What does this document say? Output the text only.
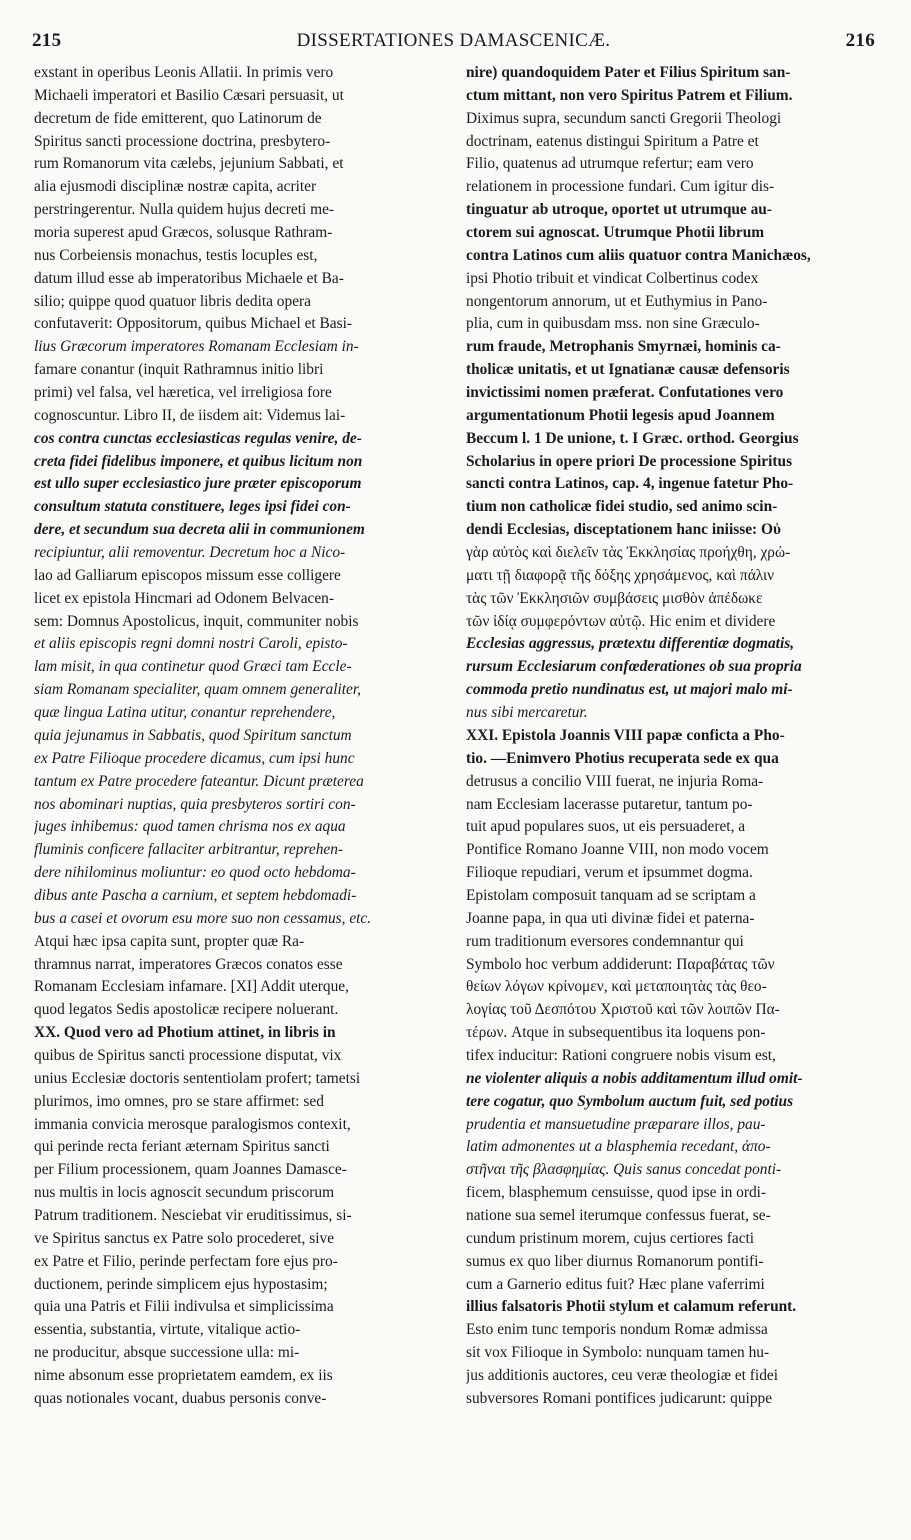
215	DISSERTATIONES DAMASCENICÆ.	216
exstant in operibus Leonis Allatii. In primis vero
Michaeli imperatori et Basilio Cæsari persuasit, ut
decretum de fide emitterent, quo Latinorum de
Spiritus sancti processione doctrina, presbytero-
rum Romanorum vita cælebs, jejunium Sabbati, et
alia ejusmodi disciplinæ nostræ capita, acriter
perstringerentur. Nulla quidem hujus decreti me-
moria superest apud Græcos, solusque Rathram-
nus Corbeiensis monachus, testis locuples est,
datum illud esse ab imperatoribus Michaele et Ba-
silio; quippe quod quatuor libris dedita opera
confutaverit: Oppositorum, quibus Michael et Basi-
lius Græcorum imperatores Romanam Ecclesiam in-
famare conantur (inquit Rathramnus initio libri
primi) vel falsa, vel hæretica, vel irreligiosa fore
cognoscuntur. Libro II, de iisdem ait: Videmus lai-
cos contra cunctas ecclesiasticas regulas venire, de-
creta fidei fidelibus imponere, et quibus licitum non
est ullo super ecclesiastico jure præter episcoporum
consultum statuta constituere, leges ipsi fidei con-
dere, et secundum sua decreta alii in communionem
recipiuntur, alii removentur. Decretum hoc a Nico-
lao ad Galliarum episcopos missum esse colligere
licet ex epistola Hincmari ad Odonem Belvacen-
sem: Domnus Apostolicus, inquit, communiter nobis
et aliis episcopis regni domni nostri Caroli, episto-
lam misit, in qua continetur quod Græci tam Eccle-
siam Romanam specialiter, quam omnem generaliter,
quæ lingua Latina utitur, conantur reprehendere,
quia jejunamus in Sabbatis, quod Spiritum sanctum
ex Patre Filioque procedere dicamus, cum ipsi hunc
tantum ex Patre procedere fateantur. Dicunt præterea
nos abominari nuptias, quia presbyteros sortiri con-
juges inhibemus: quod tamen chrisma nos ex aqua
fluminis conficere fallaciter arbitrantur, reprehen-
dere nihilominus moliuntur: eo quod octo hebdoma-
dibus ante Pascha a carnium, et septem hebdomadi-
bus a casei et ovorum esu more suo non cessamus, etc.
Atqui hæc ipsa capita sunt, propter quæ Ra-
thramnus narrat, imperatores Græcos conatos esse
Romanam Ecclesiam infamare. [XI] Addit uterque,
quod legatos Sedis apostolicæ recipere noluerant.
XX. Quod vero ad Photium attinet, in libris in
quibus de Spiritus sancti processione disputat, vix
unius Ecclesiæ doctoris sententiolam profert; tametsi
plurimos, imo omnes, pro se stare affirmet: sed
immania convicia merosque paralogismos contexit,
qui perinde recta feriant æternam Spiritus sancti
per Filium processionem, quam Joannes Damasce-
nus multis in locis agnoscit secundum priscorum
Patrum traditionem. Nesciebat vir eruditissimus, si-
ve Spiritus sanctus ex Patre solo procederet, sive
ex Patre et Filio, perinde perfectam fore ejus pro-
ductionem, perinde simplicem ejus hypostasim;
quia una Patris et Filii indivulsa et simplicissima
essentia, substantia, virtute, vitalique actio-
ne producitur, absque successione ulla: mi-
nime absonum esse proprietatem eamdem, ex iis
quas notionales vocant, duabus personis conve-
nire) quandoquidem Pater et Filius Spiritum san-
ctum mittant, non vero Spiritus Patrem et Filium.
Diximus supra, secundum sancti Gregorii Theologi
doctrinam, eatenus distingui Spiritum a Patre et
Filio, quatenus ad utrumque refertur; eam vero
relationem in processione fundari. Cum igitur dis-
tinguatur ab utroque, oportet ut utrumque au-
ctorem sui agnoscat. Utrumque Photii librum
contra Latinos cum aliis quatuor contra Manichæos,
ipsi Photio tribuit et vindicat Colbertinus codex
nongentorum annorum, ut et Euthymius in Pano-
plia, cum in quibusdam mss. non sine Græculo-
rum fraude, Metrophanis Smyrnæi, hominis ca-
tholicæ unitatis, et ut Ignatianæ causæ defensoris
invictissimi nomen præferat. Confutationes vero
argumentationum Photii legesis apud Joannem
Beccum l. 1 De unione, t. I Græc. orthod. Georgius
Scholarius in opere priori De processione Spiritus
sancti contra Latinos, cap. 4, ingenue fatetur Pho-
tium non catholicæ fidei studio, sed animo scin-
dendi Ecclesias, disceptationem hanc iniisse: Οὐ
γὰρ αὐτὸς καὶ διελεῖν τὰς Ἐκκλησίας προήχθη, χρώ-
ματι τῇ διαφορᾷ τῆς δόξης χρησάμενος, καὶ πάλιν
τὰς τῶν Ἐκκλησιῶν συμβάσεις μισθὸν ἀπέδωκε
τῶν ἰδίᾳ συμφερόντων αὐτῷ. Hic enim et dividere
Ecclesias aggressus, prætextu differentiæ dogmatis,
rursum Ecclesiarum confœderationes ob sua propria
commoda pretio nundinatus est, ut majori malo mi-
nus sibi mercaretur.
XXI. Epistola Joannis VIII papæ conficta a Pho-
tio. —Enimvero Photius recuperata sede ex qua
detrusus a concilio VIII fuerat, ne injuria Roma-
nam Ecclesiam lacerasse putaretur, tantum po-
tuit apud populares suos, ut eis persuaderet, a
Pontifice Romano Joanne VIII, non modo vocem
Filioque repudiari, verum et ipsummet dogma.
Epistolam composuit tanquam ad se scriptam a
Joanne papa, in qua uti divinæ fidei et paterna-
rum traditionum eversores condemnantur qui
Symbolo hoc verbum addiderunt: Παραβάτας τῶν
θείων λόγων κρίνομεν, καὶ μεταποιητὰς τὰς θεο-
λογίας τοῦ Δεσπότου Χριστοῦ καὶ τῶν λοιπῶν Πα-
τέρων. Atque in subsequentibus ita loquens pon-
tifex inducitur: Rationi congruere nobis visum est,
ne violenter aliquis a nobis additamentum illud omit-
tere cogatur, quo Symbolum auctum fuit, sed potius
prudentia et mansuetudine præparare illos, pau-
latim admonentes ut a blasphemia recedant, ἀπο-
στῆναι τῆς βλασφημίας. Quis sanus concedat ponti-
ficem, blasphemum censuisse, quod ipse in ordi-
natione sua semel iterumque confessus fuerat, se-
cundum pristinum morem, cujus certiores facti
sumus ex quo liber diurnus Romanorum pontifi-
cum a Garnerio editus fuit? Hæc plane vaferrimi
illius falsatoris Photii stylum et calamum referunt.
Esto enim tunc temporis nondum Romæ admissa
sit vox Filioque in Symbolo: nunquam tamen hu-
jus additionis auctores, ceu veræ theologiæ et fidei
subversores Romani pontifices judicarunt: quippe
